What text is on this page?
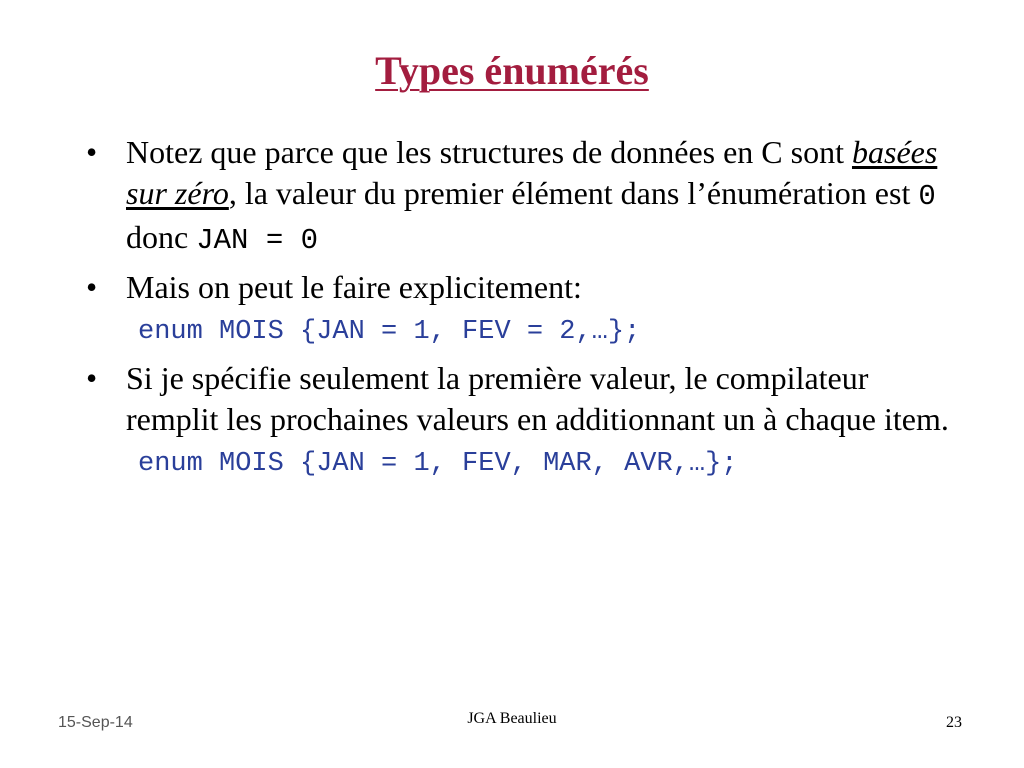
Types énumérés
• Notez que parce que les structures de données en C sont basées sur zéro, la valeur du premier élément dans l’énumération est 0 donc JAN = 0
• Mais on peut le faire explicitement:
enum MOIS {JAN = 1, FEV = 2,…};
• Si je spécifie seulement la première valeur, le compilateur remplit les prochaines valeurs en additionnant un à chaque item.
enum MOIS {JAN = 1, FEV, MAR, AVR,…};
15-Sep-14	JGA Beaulieu	23
